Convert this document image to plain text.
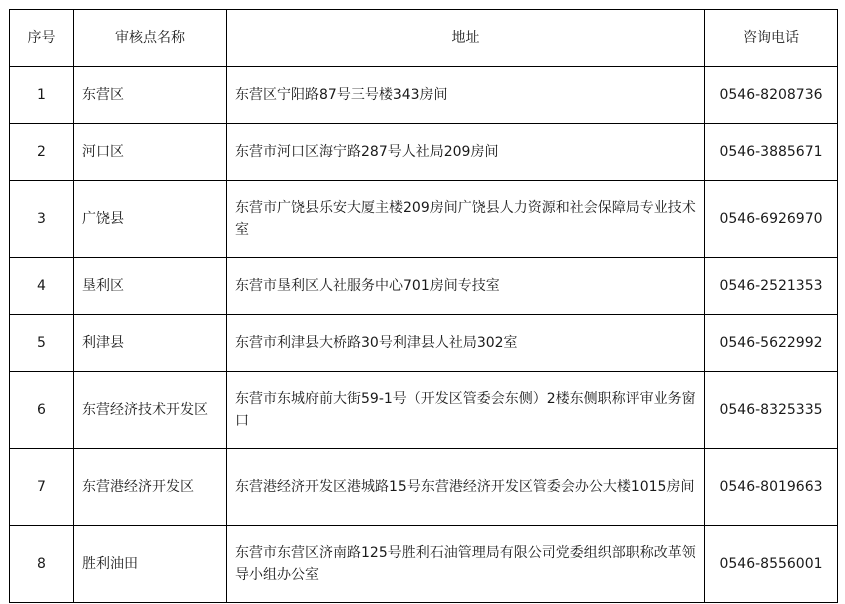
序号	审核点名称	地址	咨询电话
1	东营区	东营区宁阳路87号三号楼343房间	0546-8208736
2	河口区	东营市河口区海宁路287号人社局209房间	0546-3885671
3	广饶县	东营市广饶县乐安大厦主楼209房间广饶县人力资源和社会保障局专业技术室	0546-6926970
4	垦利区	东营市垦利区人社服务中心701房间专技室	0546-2521353
5	利津县	东营市利津县大桥路30号利津县人社局302室	0546-5622992
6	东营经济技术开发区	东营市东城府前大街59-1号（开发区管委会东侧）2楼东侧职称评审业务窗口	0546-8325335
7	东营港经济开发区	东营港经济开发区港城路15号东营港经济开发区管委会办公大楼1015房间	0546-8019663
8	胜利油田	东营市东营区济南路125号胜利石油管理局有限公司党委组织部职称改革领导小组办公室	0546-8556001
